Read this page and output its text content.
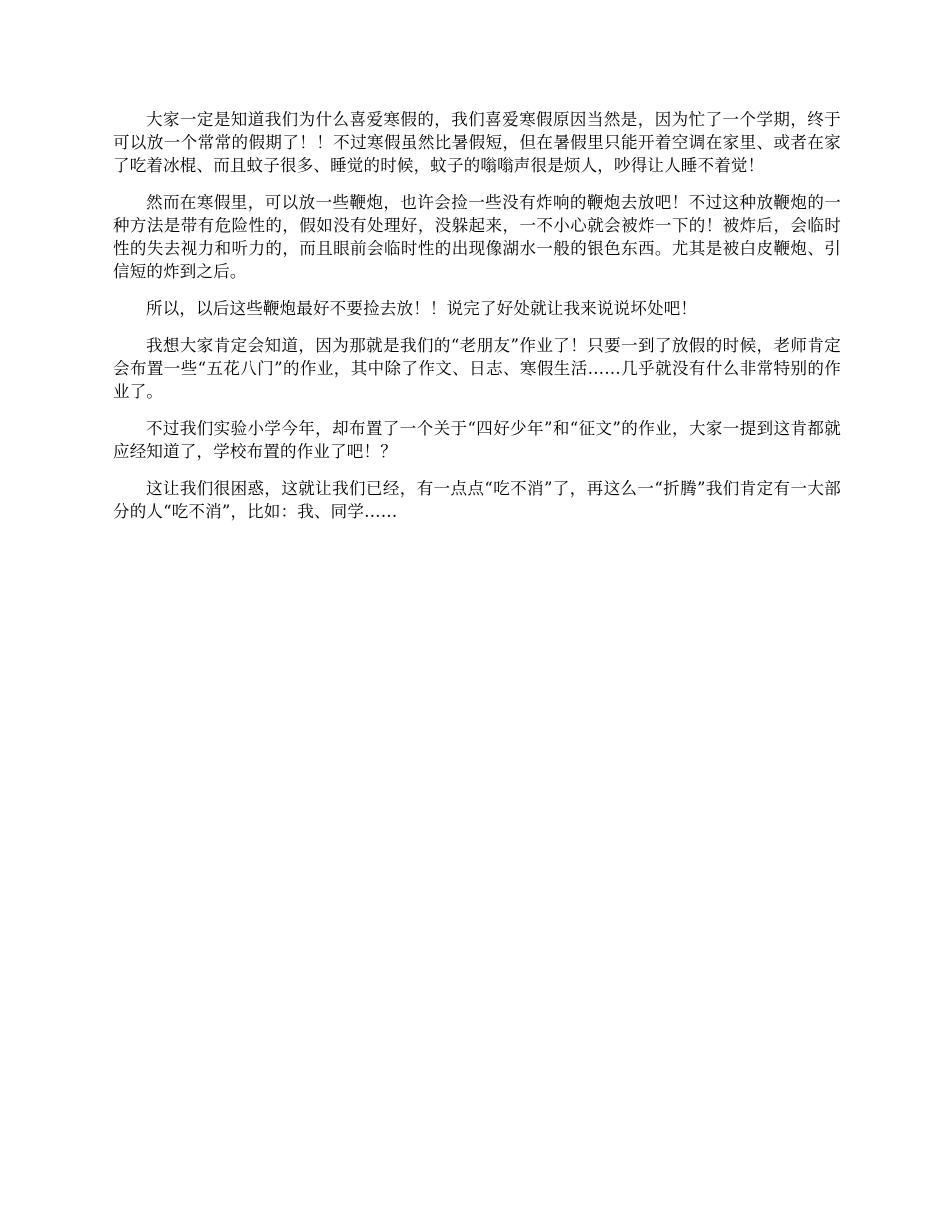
大家一定是知道我们为什么喜爱寒假的，我们喜爱寒假原因当然是，因为忙了一个学期，终于可以放一个常常的假期了！！不过寒假虽然比暑假短，但在暑假里只能开着空调在家里、或者在家了吃着冰棍、而且蚊子很多、睡觉的时候，蚊子的嗡嗡声很是烦人，吵得让人睡不着觉！

然而在寒假里，可以放一些鞭炮，也许会捡一些没有炸响的鞭炮去放吧！不过这种放鞭炮的一种方法是带有危险性的，假如没有处理好，没躲起来，一不小心就会被炸一下的！被炸后，会临时性的失去视力和听力的，而且眼前会临时性的出现像湖水一般的银色东西。尤其是被白皮鞭炮、引信短的炸到之后。

所以，以后这些鞭炮最好不要捡去放！！说完了好处就让我来说说坏处吧！

我想大家肯定会知道，因为那就是我们的“老朋友”作业了！只要一到了放假的时候，老师肯定会布置一些“五花八门”的作业，其中除了作文、日志、寒假生活……几乎就没有什么非常特别的作业了。

不过我们实验小学今年，却布置了一个关于“四好少年”和“征文”的作业，大家一提到这肯都就应经知道了，学校布置的作业了吧！？

这让我们很困惑，这就让我们已经，有一点点“吃不消”了，再这么一“折腾”我们肯定有一大部分的人“吃不消”，比如：我、同学……
